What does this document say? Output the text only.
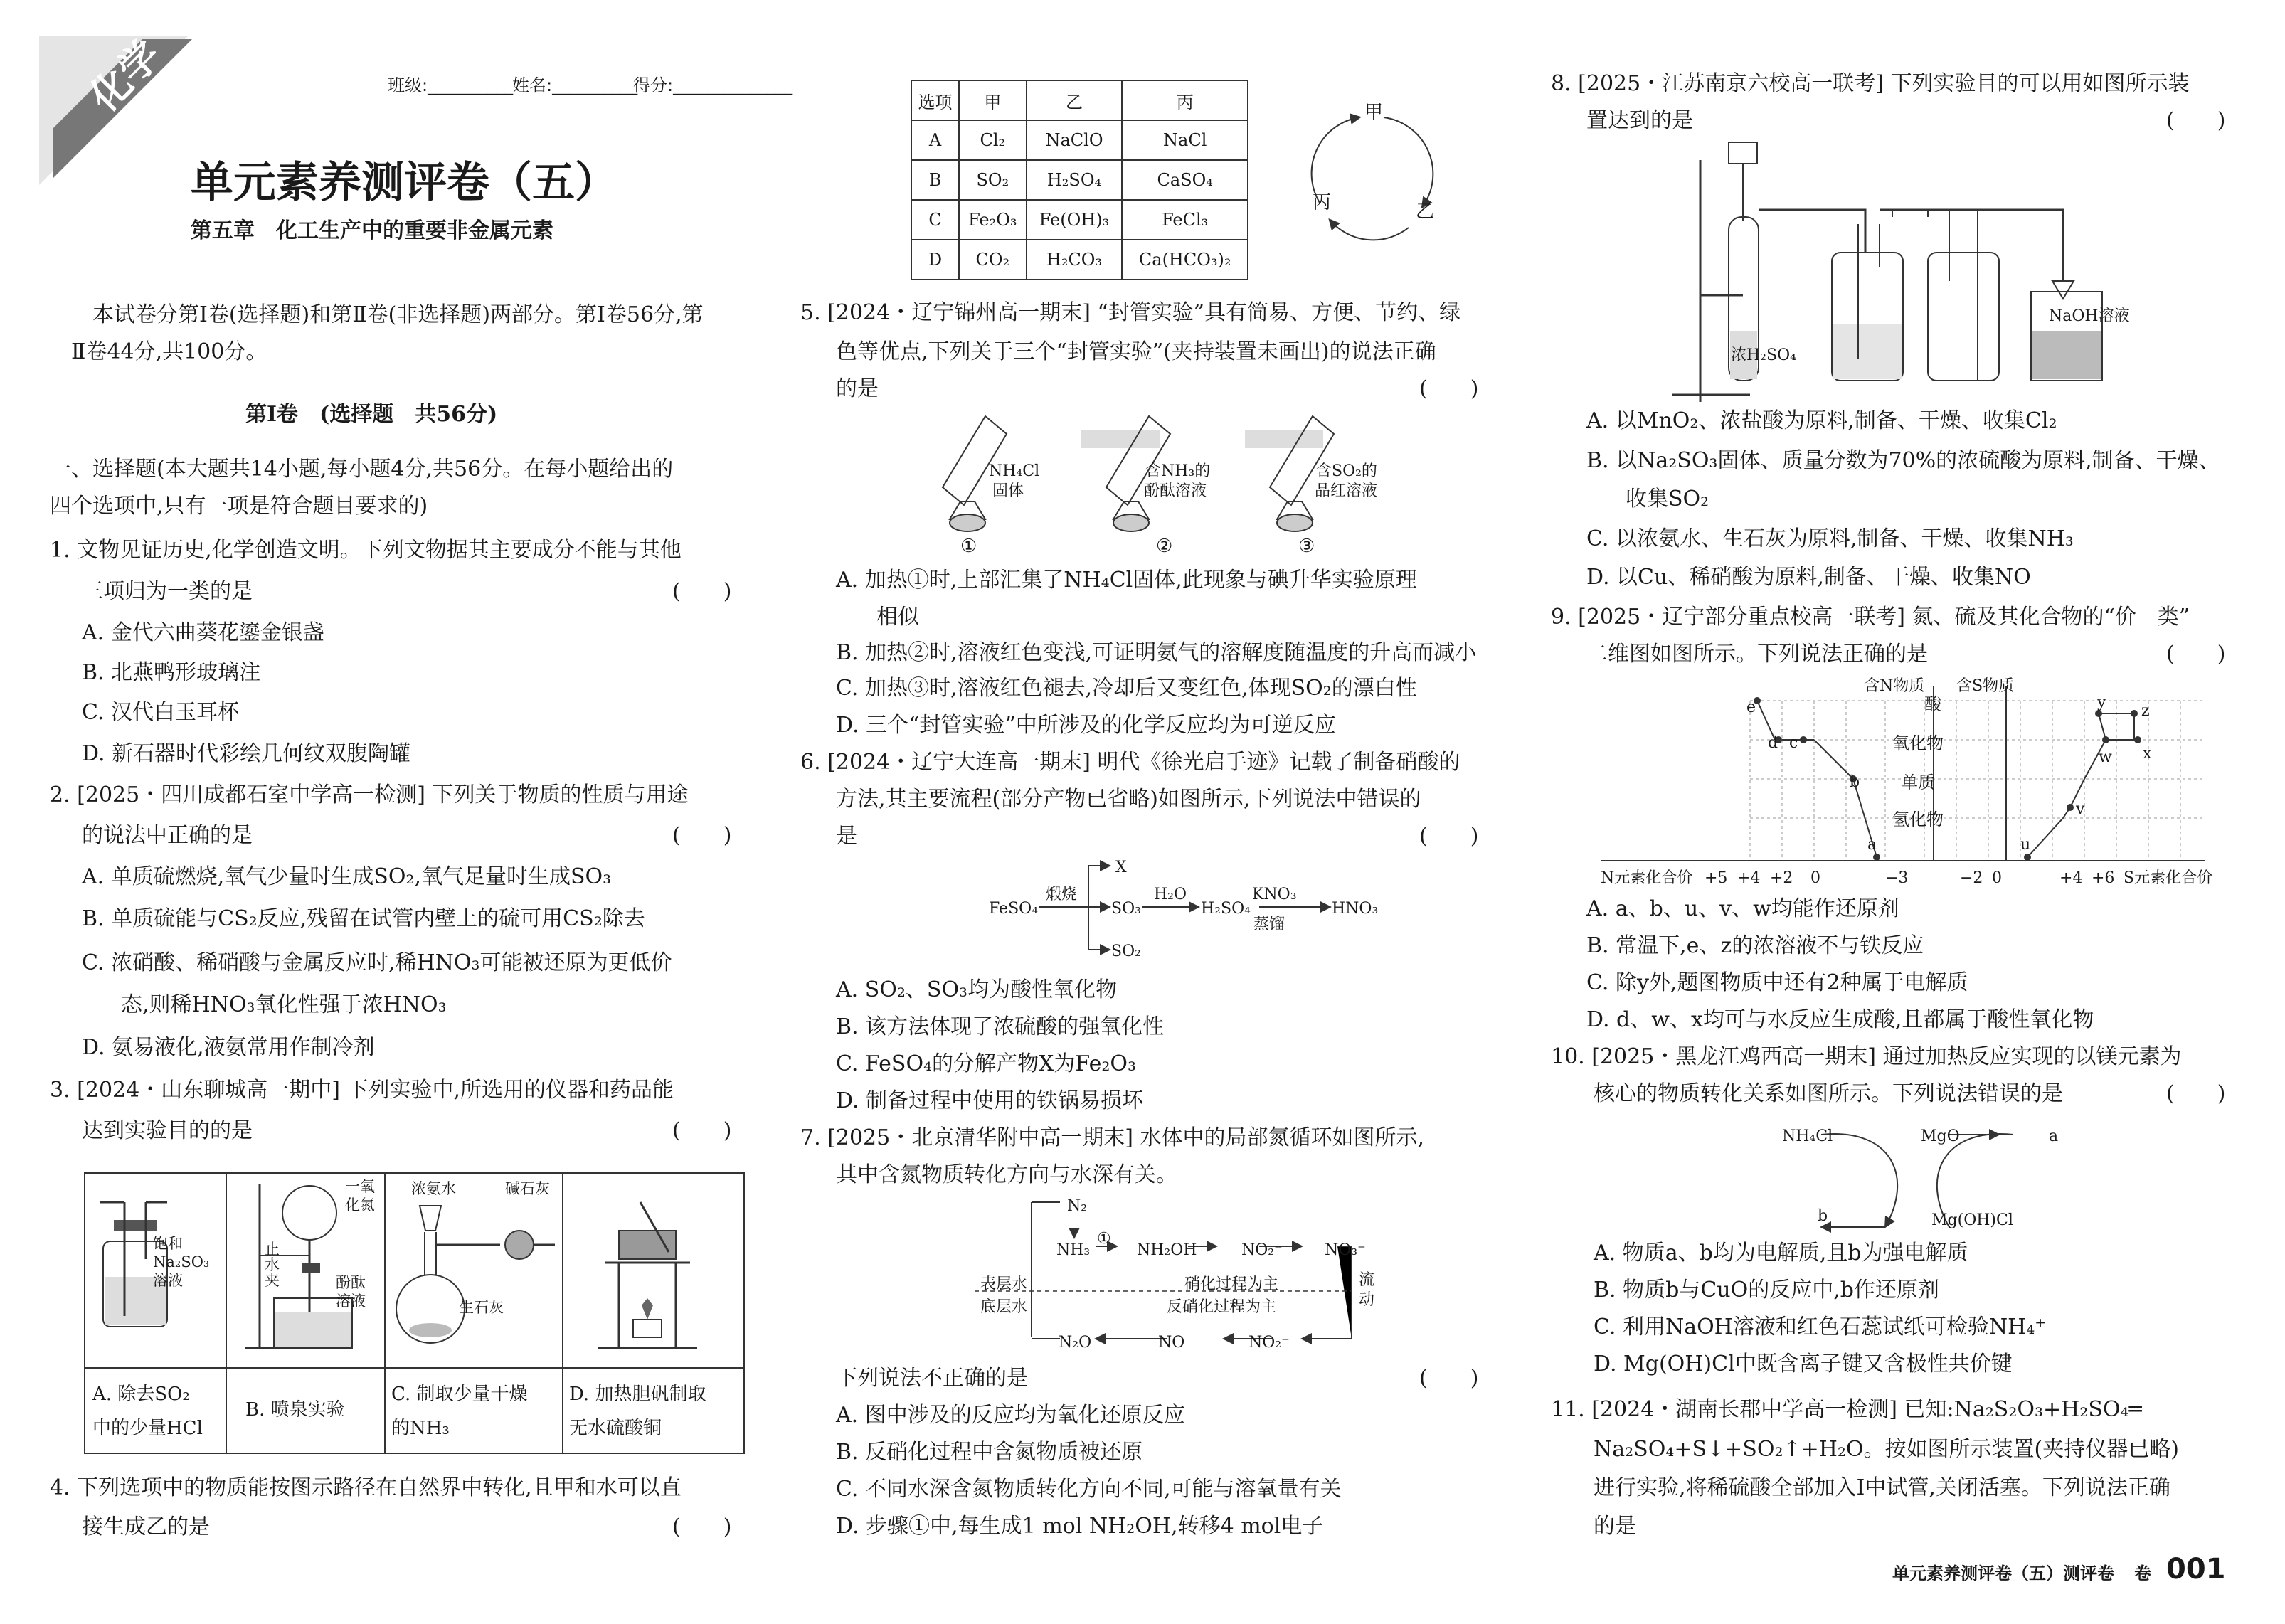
化学	班级:__________
姓名:__________
得分:______________
单元素养测评卷（五）
第五章　化工生产中的重要非金属元素
本试卷分第Ⅰ卷(选择题)和第Ⅱ卷(非选择题)两部分。第Ⅰ卷56分,第
Ⅱ卷44分,共100分。
第Ⅰ卷　(选择题　共56分)
一、选择题(本大题共14小题,每小题4分,共56分。在每小题给出的
四个选项中,只有一项是符合题目要求的)
1. 文物见证历史,化学创造文明。下列文物据其主要成分不能与其他
三项归为一类的是	(　　)
A. 金代六曲葵花鎏金银盏
B. 北燕鸭形玻璃注
C. 汉代白玉耳杯
D. 新石器时代彩绘几何纹双腹陶罐
2. [2025・四川成都石室中学高一检测] 下列关于物质的性质与用途
的说法中正确的是	(　　)
A. 单质硫燃烧,氧气少量时生成SO₂,氧气足量时生成SO₃
B. 单质硫能与CS₂反应,残留在试管内壁上的硫可用CS₂除去
C. 浓硝酸、稀硝酸与金属反应时,稀HNO₃可能被还原为更低价
态,则稀HNO₃氧化性强于浓HNO₃
D. 氨易液化,液氨常用作制冷剂
3. [2024・山东聊城高一期中] 下列实验中,所选用的仪器和药品能
达到实验目的的是	(　　)
饱和Na₂SO₃溶液
一氧化氮
止水夹	酚酞溶液
浓氨水	碱石灰
生石灰
A. 除去SO₂
中的少量HCl
B. 喷泉实验
C. 制取少量干燥
的NH₃
D. 加热胆矾制取
无水硫酸铜
4. 下列选项中的物质能按图示路径在自然界中转化,且甲和水可以直
接生成乙的是	(　　)
选项	甲	乙	丙
A	Cl₂	NaClO	NaCl
B	SO₂	H₂SO₄	CaSO₄
C	Fe₂O₃	Fe(OH)₃	FeCl₃
D	CO₂	H₂CO₃	Ca(HCO₃)₂
甲
丙	乙
5. [2024・辽宁锦州高一期末] “封管实验”具有简易、方便、节约、绿
色等优点,下列关于三个“封管实验”(夹持装置未画出)的说法正确
的是	(　　)
NH₄Cl
固体
含NH₃的
酚酞溶液
含SO₂的
品红溶液
①	②	③
A. 加热①时,上部汇集了NH₄Cl固体,此现象与碘升华实验原理
相似
B. 加热②时,溶液红色变浅,可证明氨气的溶解度随温度的升高而减小
C. 加热③时,溶液红色褪去,冷却后又变红色,体现SO₂的漂白性
D. 三个“封管实验”中所涉及的化学反应均为可逆反应
6. [2024・辽宁大连高一期末] 明代《徐光启手迹》记载了制备硝酸的
方法,其主要流程(部分产物已省略)如图所示,下列说法中错误的
是	(　　)
FeSO₄
煅烧
X
SO₃
SO₂
H₂O
H₂SO₄
KNO₃
蒸馏
HNO₃
A. SO₂、SO₃均为酸性氧化物
B. 该方法体现了浓硫酸的强氧化性
C. FeSO₄的分解产物X为Fe₂O₃
D. 制备过程中使用的铁锅易损坏
7. [2025・北京清华附中高一期末] 水体中的局部氮循环如图所示,
其中含氮物质转化方向与水深有关。
N₂
NH₃
①
NH₂OH	NO₂⁻	NO₃⁻
表层水
底层水
硝化过程为主
反硝化过程为主
流动
N₂O	NO	NO₂⁻
下列说法不正确的是	(　　)
A. 图中涉及的反应均为氧化还原反应
B. 反硝化过程中含氮物质被还原
C. 不同水深含氮物质转化方向不同,可能与溶氧量有关
D. 步骤①中,每生成1 mol NH₂OH,转移4 mol电子
8. [2025・江苏南京六校高一联考] 下列实验目的可以用如图所示装
置达到的是	(　　)
浓H₂SO₄
NaOH溶液
A. 以MnO₂、浓盐酸为原料,制备、干燥、收集Cl₂
B. 以Na₂SO₃固体、质量分数为70%的浓硫酸为原料,制备、干燥、
收集SO₂
C. 以浓氨水、生石灰为原料,制备、干燥、收集NH₃
D. 以Cu、稀硝酸为原料,制备、干燥、收集NO
9. [2025・辽宁部分重点校高一联考] 氮、硫及其化合物的“价　类”
二维图如图所示。下列说法正确的是	(　　)
含N物质 含S物质
酸
氧化物
单质
氢化物
N元素化合价	S元素化合价
+5 +4 +2 0	−3	−2 0	+4 +6
e
d c
b
a	u
v
w x
y z
A. a、b、u、v、w均能作还原剂
B. 常温下,e、z的浓溶液不与铁反应
C. 除y外,题图物质中还有2种属于电解质
D. d、w、x均可与水反应生成酸,且都属于酸性氧化物
10. [2025・黑龙江鸡西高一期末] 通过加热反应实现的以镁元素为
核心的物质转化关系如图所示。下列说法错误的是	(　　)
NH₄Cl	MgO	a
b	Mg(OH)Cl
A. 物质a、b均为电解质,且b为强电解质
B. 物质b与CuO的反应中,b作还原剂
C. 利用NaOH溶液和红色石蕊试纸可检验NH₄⁺
D. Mg(OH)Cl中既含离子键又含极性共价键
11. [2024・湖南长郡中学高一检测] 已知:Na₂S₂O₃+H₂SO₄═
Na₂SO₄+S↓+SO₂↑+H₂O。按如图所示装置(夹持仪器已略)
进行实验,将稀硫酸全部加入Ⅰ中试管,关闭活塞。下列说法正确
的是
单元素养测评卷（五） 测评卷 卷 001
